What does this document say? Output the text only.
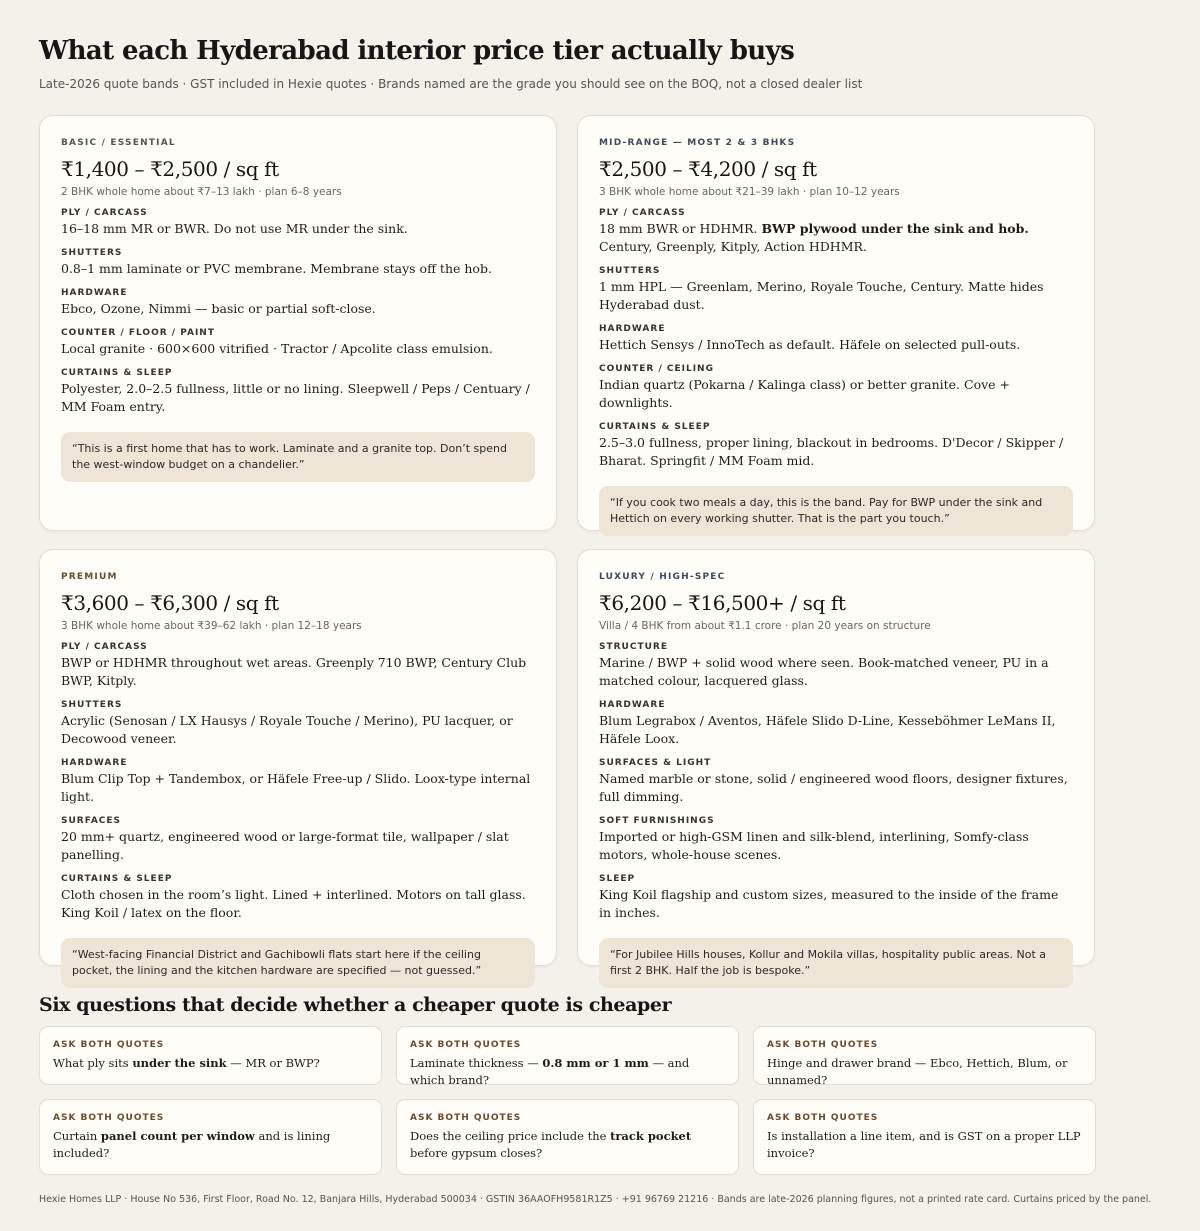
What each Hyderabad interior price tier actually buys
Late-2026 quote bands · GST included in Hexie quotes · Brands named are the grade you should see on the BOQ, not a closed dealer list
BASIC / ESSENTIAL
₹1,400 – ₹2,500 / sq ft
2 BHK whole home about ₹7–13 lakh · plan 6–8 years
PLY / CARCASS
16–18 mm MR or BWR. Do not use MR under the sink.
SHUTTERS
0.8–1 mm laminate or PVC membrane. Membrane stays off the hob.
HARDWARE
Ebco, Ozone, Nimmi — basic or partial soft-close.
COUNTER / FLOOR / PAINT
Local granite · 600×600 vitrified · Tractor / Apcolite class emulsion.
CURTAINS & SLEEP
Polyester, 2.0–2.5 fullness, little or no lining. Sleepwell / Peps / Centuary / MM Foam entry.
“This is a first home that has to work. Laminate and a granite top. Don’t spend the west-window budget on a chandelier.”
MID-RANGE — MOST 2 & 3 BHKS
₹2,500 – ₹4,200 / sq ft
3 BHK whole home about ₹21–39 lakh · plan 10–12 years
PLY / CARCASS
18 mm BWR or HDHMR. BWP plywood under the sink and hob. Century, Greenply, Kitply, Action HDHMR.
SHUTTERS
1 mm HPL — Greenlam, Merino, Royale Touche, Century. Matte hides Hyderabad dust.
HARDWARE
Hettich Sensys / InnoTech as default. Häfele on selected pull-outs.
COUNTER / CEILING
Indian quartz (Pokarna / Kalinga class) or better granite. Cove + downlights.
CURTAINS & SLEEP
2.5–3.0 fullness, proper lining, blackout in bedrooms. D'Decor / Skipper / Bharat. Springfit / MM Foam mid.
“If you cook two meals a day, this is the band. Pay for BWP under the sink and Hettich on every working shutter. That is the part you touch.”
PREMIUM
₹3,600 – ₹6,300 / sq ft
3 BHK whole home about ₹39–62 lakh · plan 12–18 years
PLY / CARCASS
BWP or HDHMR throughout wet areas. Greenply 710 BWP, Century Club BWP, Kitply.
SHUTTERS
Acrylic (Senosan / LX Hausys / Royale Touche / Merino), PU lacquer, or Decowood veneer.
HARDWARE
Blum Clip Top + Tandembox, or Häfele Free-up / Slido. Loox-type internal light.
SURFACES
20 mm+ quartz, engineered wood or large-format tile, wallpaper / slat panelling.
CURTAINS & SLEEP
Cloth chosen in the room’s light. Lined + interlined. Motors on tall glass. King Koil / latex on the floor.
“West-facing Financial District and Gachibowli flats start here if the ceiling pocket, the lining and the kitchen hardware are specified — not guessed.”
LUXURY / HIGH-SPEC
₹6,200 – ₹16,500+ / sq ft
Villa / 4 BHK from about ₹1.1 crore · plan 20 years on structure
STRUCTURE
Marine / BWP + solid wood where seen. Book-matched veneer, PU in a matched colour, lacquered glass.
HARDWARE
Blum Legrabox / Aventos, Häfele Slido D-Line, Kessebӧhmer LeMans II, Häfele Loox.
SURFACES & LIGHT
Named marble or stone, solid / engineered wood floors, designer fixtures, full dimming.
SOFT FURNISHINGS
Imported or high-GSM linen and silk-blend, interlining, Somfy-class motors, whole-house scenes.
SLEEP
King Koil flagship and custom sizes, measured to the inside of the frame in inches.
“For Jubilee Hills houses, Kollur and Mokila villas, hospitality public areas. Not a first 2 BHK. Half the job is bespoke.”
Six questions that decide whether a cheaper quote is cheaper
ASK BOTH QUOTES
What ply sits under the sink — MR or BWP?
ASK BOTH QUOTES
Laminate thickness — 0.8 mm or 1 mm — and which brand?
ASK BOTH QUOTES
Hinge and drawer brand — Ebco, Hettich, Blum, or unnamed?
ASK BOTH QUOTES
Curtain panel count per window and is lining included?
ASK BOTH QUOTES
Does the ceiling price include the track pocket before gypsum closes?
ASK BOTH QUOTES
Is installation a line item, and is GST on a proper LLP invoice?
Hexie Homes LLP · House No 536, First Floor, Road No. 12, Banjara Hills, Hyderabad 500034 · GSTIN 36AAOFH9581R1Z5 · +91 96769 21216 · Bands are late-2026 planning figures, not a printed rate card. Curtains priced by the panel.
